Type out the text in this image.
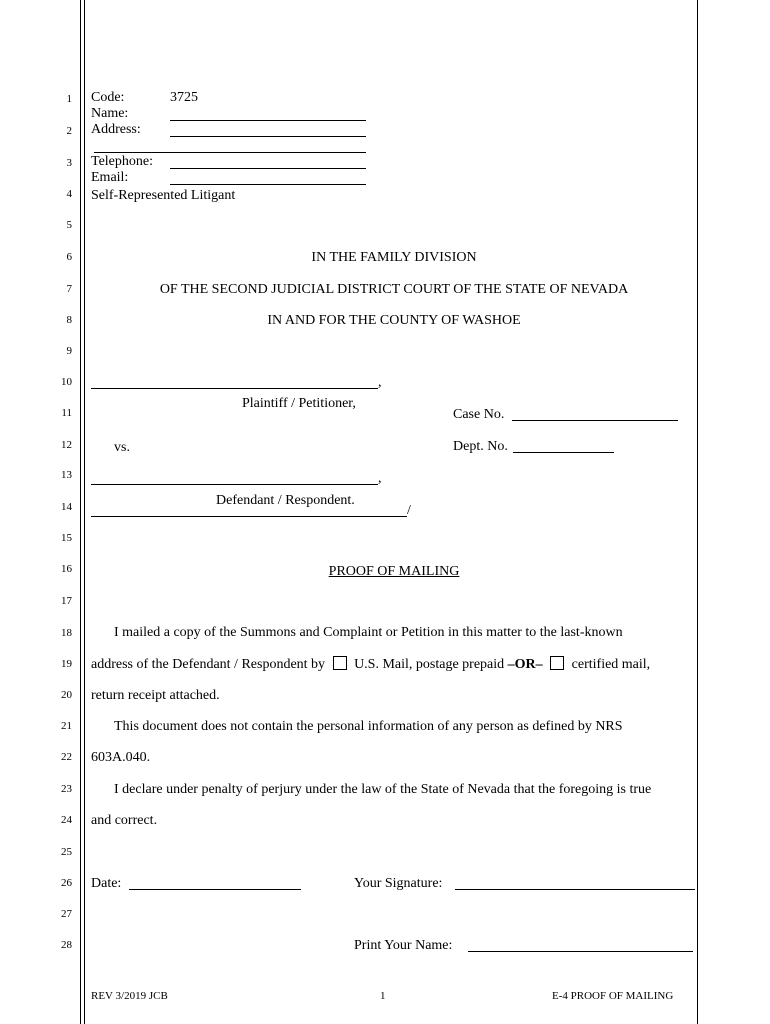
1
2
3
4
5
6
7
8
9
10
11
12
13
14
15
16
17
18
19
20
21
22
23
24
25
26
27
28
Code:	3725
Name:
Address:
Telephone:
Email:
Self-Represented Litigant
IN THE FAMILY DIVISION
OF THE SECOND JUDICIAL DISTRICT COURT OF THE STATE OF NEVADA
IN AND FOR THE COUNTY OF WASHOE
,
Plaintiff / Petitioner,
Case No.
vs.	Dept. No.
,
Defendant / Respondent.
/
PROOF OF MAILING
I mailed a copy of the Summons and Complaint or Petition in this matter to the last-known
address of the Defendant / Respondent by U.S. Mail, postage prepaid –OR– certified mail,
return receipt attached.
This document does not contain the personal information of any person as defined by NRS
603A.040.
I declare under penalty of perjury under the law of the State of Nevada that the foregoing is true
and correct.
Date:	Your Signature:
Print Your Name:
REV 3/2019 JCB	1	E-4 PROOF OF MAILING
